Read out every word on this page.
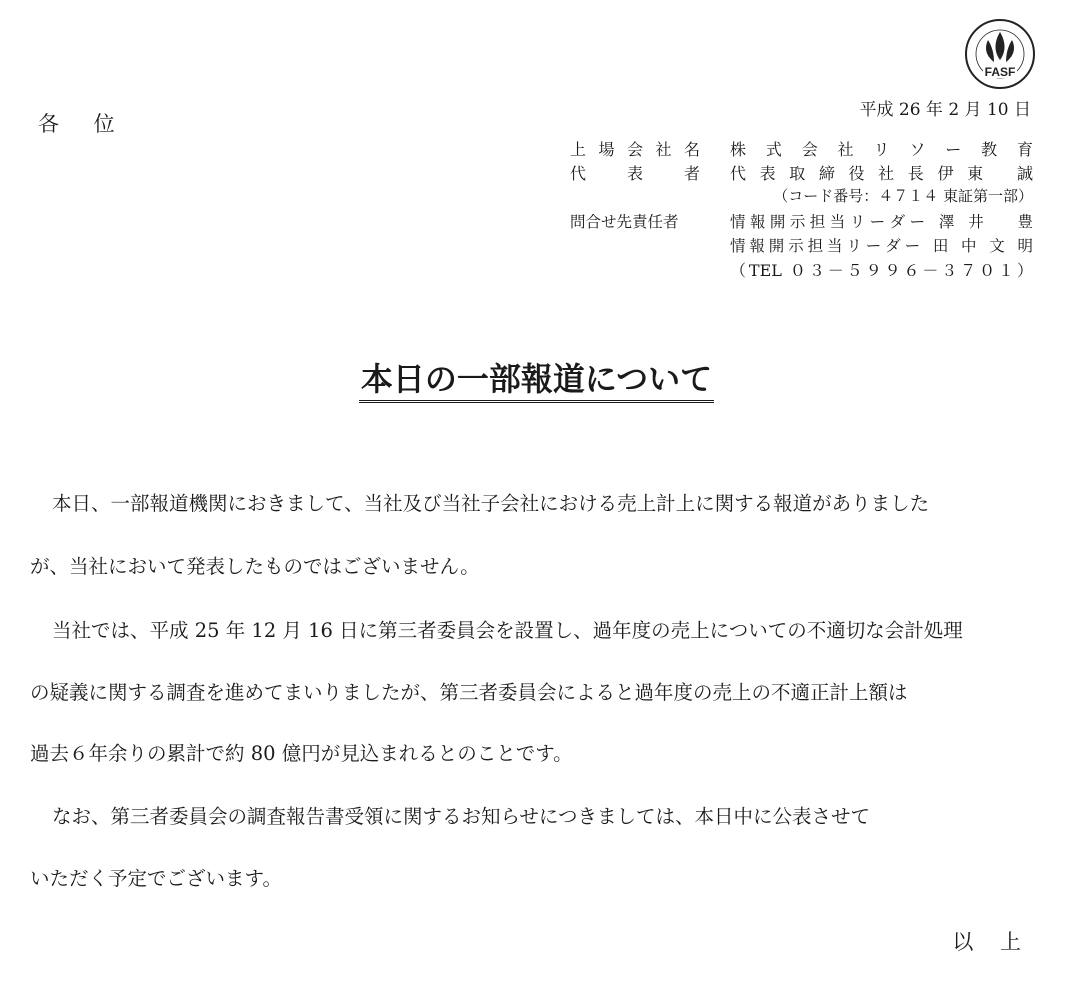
FASF
各 位
平成 26 年 2 月 10 日
上 場 会 社 名 株 式 会 社 リ ソ ー 教 育
代　　表　　者 代 表 取 締 役 社 長 伊 東　 誠
（コード番号：４７１４ 東証第一部）
問合せ先責任者	情報開示担当リーダー 澤 井　 豊
情報開示担当リーダー 田 中 文 明
（TEL ０３－５９９６－３７０１）
本日の一部報道について
本日、一部報道機関におきまして、当社及び当社子会社における売上計上に関する報道がありました
が、当社において発表したものではございません。
当社では、平成 25 年 12 月 16 日に第三者委員会を設置し、過年度の売上についての不適切な会計処理
の疑義に関する調査を進めてまいりましたが、第三者委員会によると過年度の売上の不適正計上額は
過去６年余りの累計で約 80 億円が見込まれるとのことです。
なお、第三者委員会の調査報告書受領に関するお知らせにつきましては、本日中に公表させて
いただく予定でございます。
以 上
